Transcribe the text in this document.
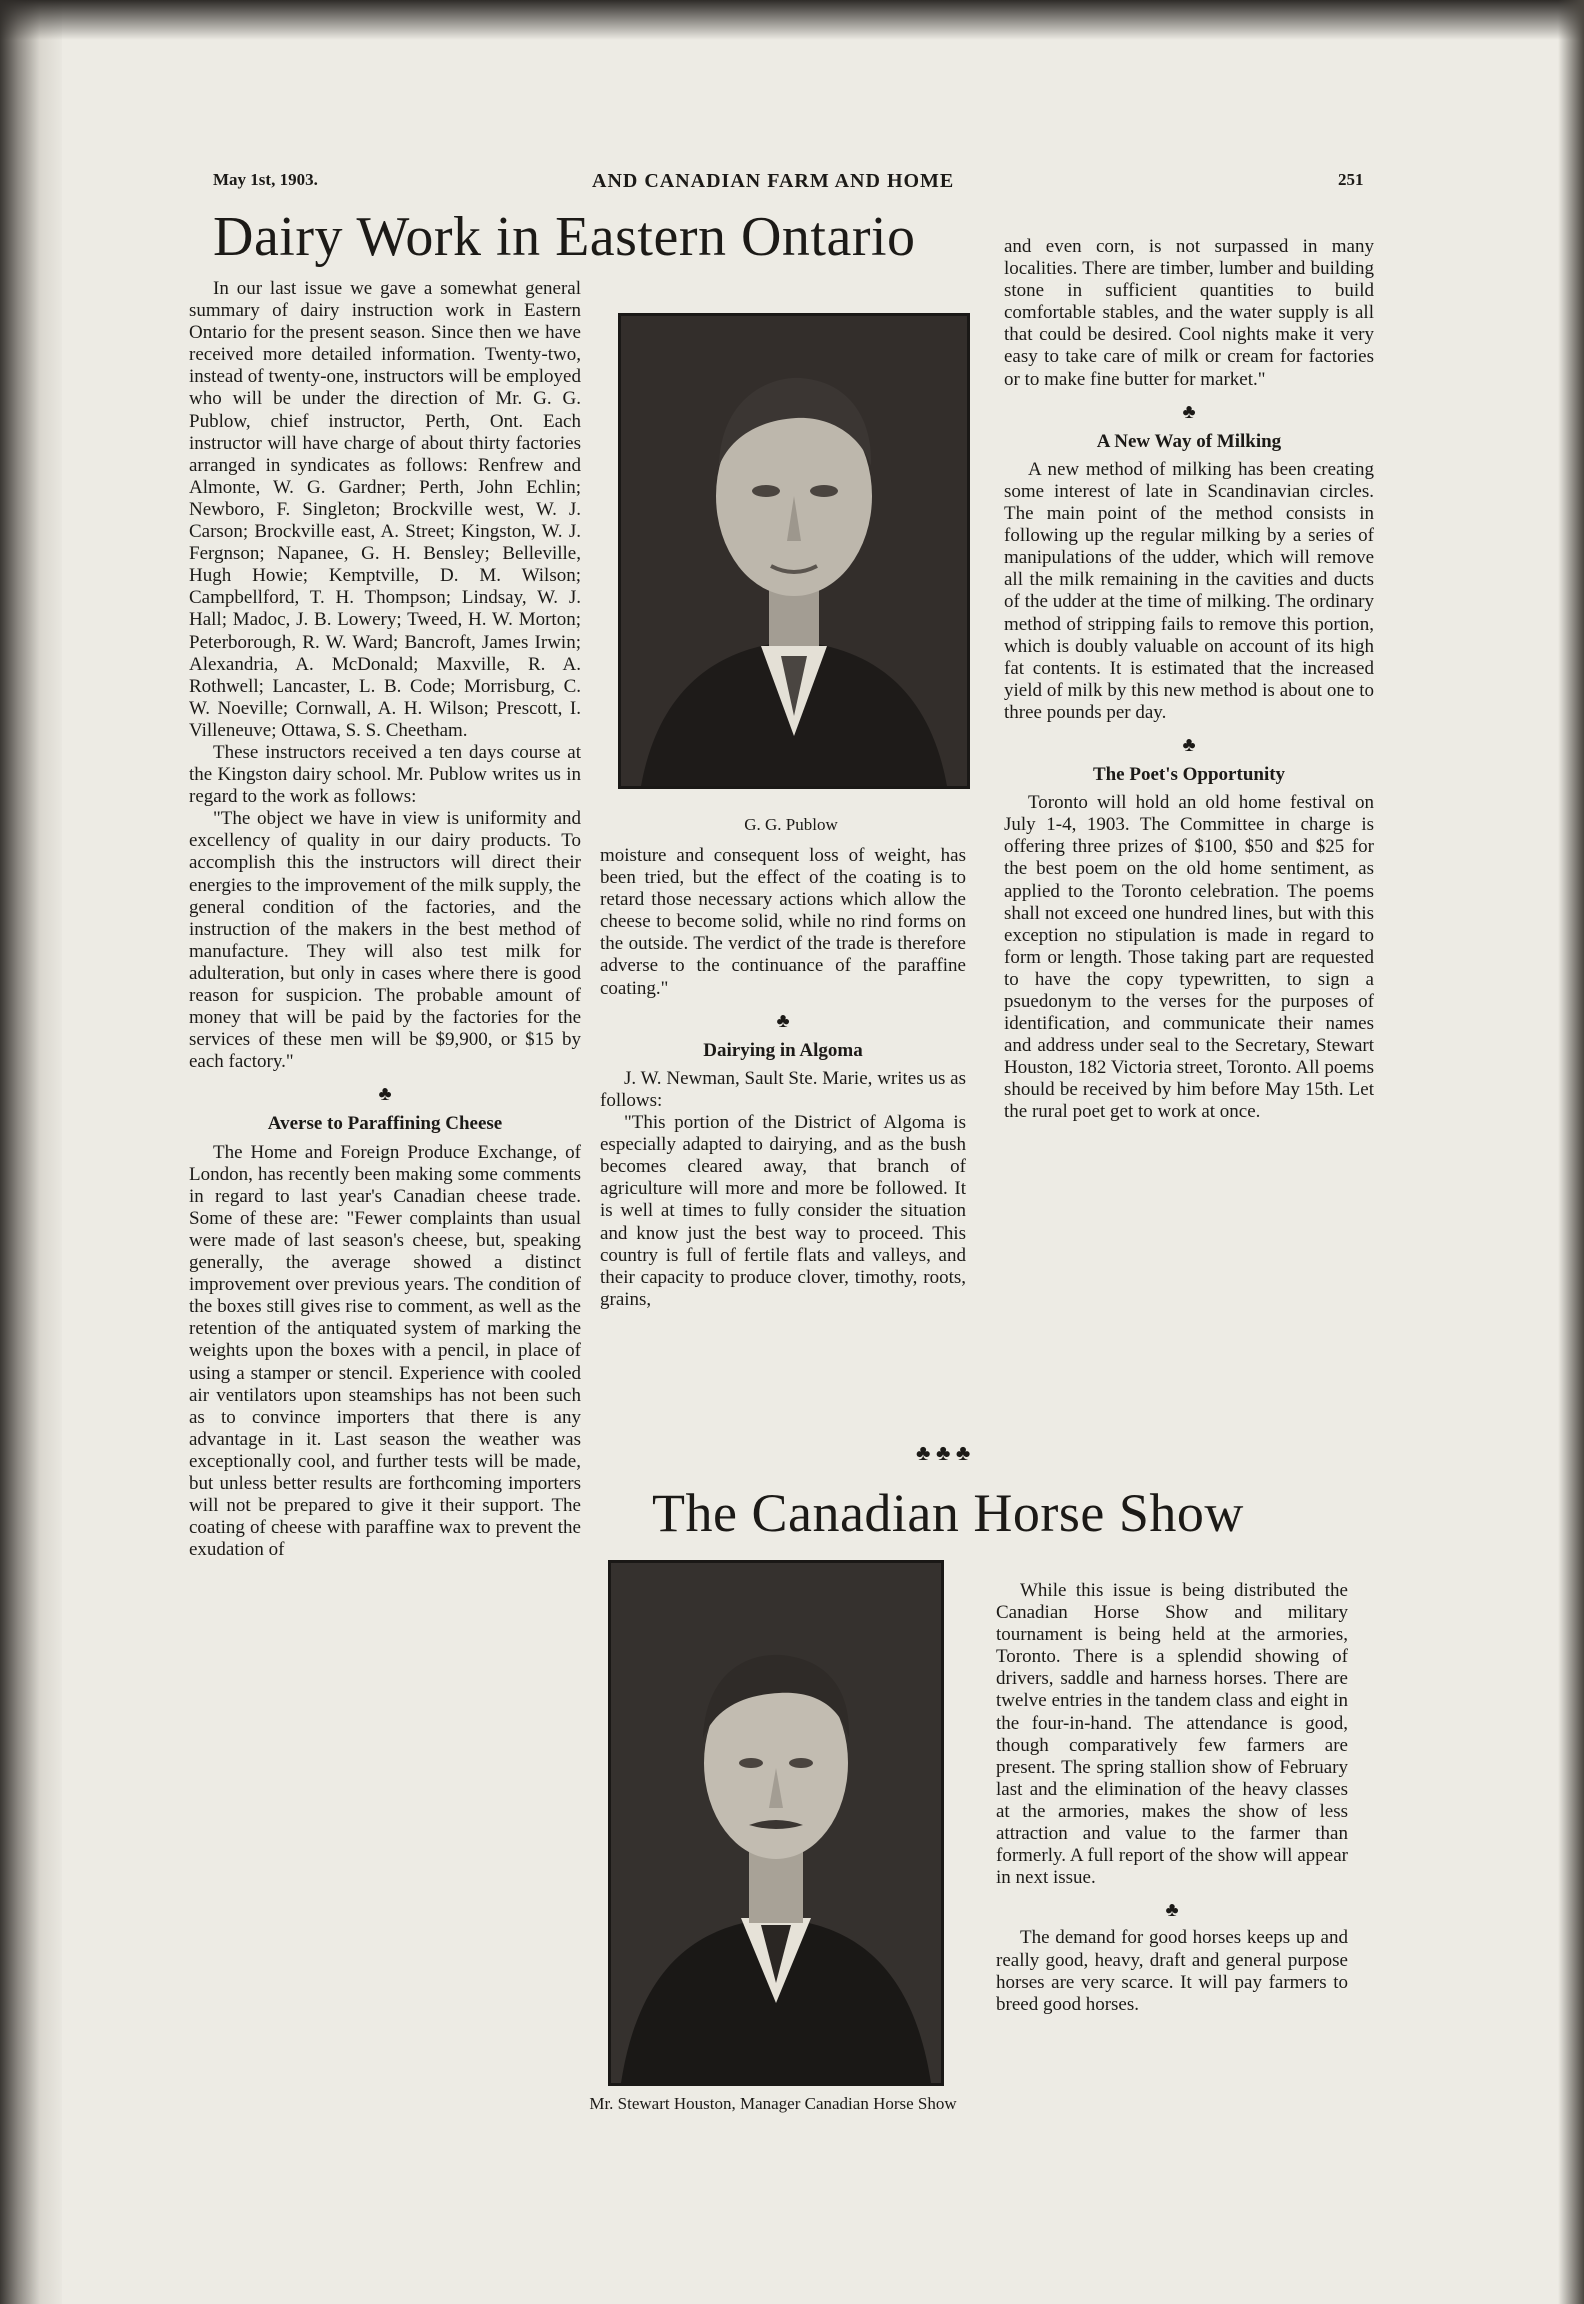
May 1st, 1903.	AND CANADIAN FARM AND HOME	251
Dairy Work in Eastern Ontario

In our last issue we gave a somewhat general summary of dairy instruction work in Eastern Ontario for the present season. Since then we have received more detailed information. Twenty-two, instead of twenty-one, instructors will be employed who will be under the direction of Mr. G. G. Publow, chief instructor, Perth, Ont. Each instructor will have charge of about thirty factories arranged in syndicates as follows: Renfrew and Almonte, W. G. Gardner; Perth, John Echlin; Newboro, F. Singleton; Brockville west, W. J. Carson; Brockville east, A. Street; Kingston, W. J. Fergnson; Napanee, G. H. Bensley; Belleville, Hugh Howie; Kemptville, D. M. Wilson; Campbellford, T. H. Thompson; Lindsay, W. J. Hall; Madoc, J. B. Lowery; Tweed, H. W. Morton; Peterborough, R. W. Ward; Bancroft, James Irwin; Alexandria, A. McDonald; Maxville, R. A. Rothwell; Lancaster, L. B. Code; Morrisburg, C. W. Noeville; Cornwall, A. H. Wilson; Prescott, I. Villeneuve; Ottawa, S. S. Cheetham.

These instructors received a ten days course at the Kingston dairy school. Mr. Publow writes us in regard to the work as follows:

"The object we have in view is uniformity and excellency of quality in our dairy products. To accomplish this the instructors will direct their energies to the improvement of the milk supply, the general condition of the factories, and the instruction of the makers in the best method of manufacture. They will also test milk for adulteration, but only in cases where there is good reason for suspicion. The probable amount of money that will be paid by the factories for the services of these men will be $9,900, or $15 by each factory."

♣
Averse to Paraffining Cheese

The Home and Foreign Produce Exchange, of London, has recently been making some comments in regard to last year's Canadian cheese trade. Some of these are: "Fewer complaints than usual were made of last season's cheese, but, speaking generally, the average showed a distinct improvement over previous years. The condition of the boxes still gives rise to comment, as well as the retention of the antiquated system of marking the weights upon the boxes with a pencil, in place of using a stamper or stencil. Experience with cooled air ventilators upon steamships has not been such as to convince importers that there is any advantage in it. Last season the weather was exceptionally cool, and further tests will be made, but unless better results are forthcoming importers will not be prepared to give it their support. The coating of cheese with paraffine wax to prevent the exudation of

G. G. Publow

moisture and consequent loss of weight, has been tried, but the effect of the coating is to retard those necessary actions which allow the cheese to become solid, while no rind forms on the outside. The verdict of the trade is therefore adverse to the continuance of the paraffine coating."

♣
Dairying in Algoma

J. W. Newman, Sault Ste. Marie, writes us as follows:

"This portion of the District of Algoma is especially adapted to dairying, and as the bush becomes cleared away, that branch of agriculture will more and more be followed. It is well at times to fully consider the situation and know just the best way to proceed. This country is full of fertile flats and valleys, and their capacity to produce clover, timothy, roots, grains,

and even corn, is not surpassed in many localities. There are timber, lumber and building stone in sufficient quantities to build comfortable stables, and the water supply is all that could be desired. Cool nights make it very easy to take care of milk or cream for factories or to make fine butter for market."

♣
A New Way of Milking

A new method of milking has been creating some interest of late in Scandinavian circles. The main point of the method consists in following up the regular milking by a series of manipulations of the udder, which will remove all the milk remaining in the cavities and ducts of the udder at the time of milking. The ordinary method of stripping fails to remove this portion, which is doubly valuable on account of its high fat contents. It is estimated that the increased yield of milk by this new method is about one to three pounds per day.

♣
The Poet's Opportunity

Toronto will hold an old home festival on July 1-4, 1903. The Committee in charge is offering three prizes of $100, $50 and $25 for the best poem on the old home sentiment, as applied to the Toronto celebration. The poems shall not exceed one hundred lines, but with this exception no stipulation is made in regard to form or length. Those taking part are requested to have the copy typewritten, to sign a psuedonym to the verses for the purposes of identification, and communicate their names and address under seal to the Secretary, Stewart Houston, 182 Victoria street, Toronto. All poems should be received by him before May 15th. Let the rural poet get to work at once.

♣ ♣ ♣
The Canadian Horse Show
Mr. Stewart Houston, Manager Canadian Horse Show

While this issue is being distributed the Canadian Horse Show and military tournament is being held at the armories, Toronto. There is a splendid showing of drivers, saddle and harness horses. There are twelve entries in the tandem class and eight in the four-in-hand. The attendance is good, though comparatively few farmers are present. The spring stallion show of February last and the elimination of the heavy classes at the armories, makes the show of less attraction and value to the farmer than formerly. A full report of the show will appear in next issue.

♣

The demand for good horses keeps up and really good, heavy, draft and general purpose horses are very scarce. It will pay farmers to breed good horses.
